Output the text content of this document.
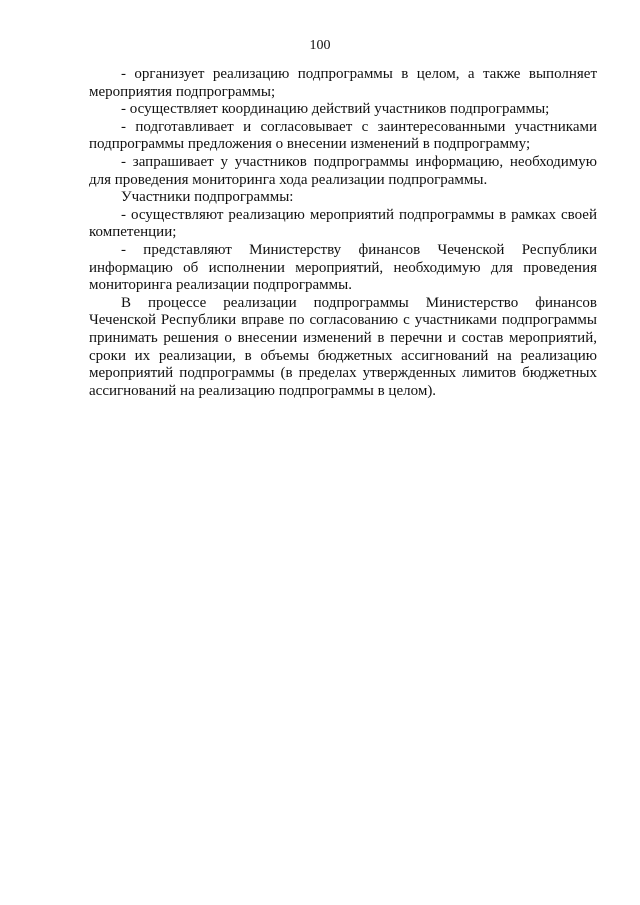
100

- организует реализацию подпрограммы в целом, а также выполняет мероприятия подпрограммы;

- осуществляет координацию действий участников подпрограммы;

- подготавливает и согласовывает с заинтересованными участниками подпрограммы предложения о внесении изменений в подпрограмму;

- запрашивает у участников подпрограммы информацию, необходимую для проведения мониторинга хода реализации подпрограммы.

Участники подпрограммы:

- осуществляют реализацию мероприятий подпрограммы в рамках своей компетенции;

- представляют Министерству финансов Чеченской Республики информацию об исполнении мероприятий, необходимую для проведения мониторинга реализации подпрограммы.

В процессе реализации подпрограммы Министерство финансов Чеченской Республики вправе по согласованию с участниками подпрограммы принимать решения о внесении изменений в перечни и состав мероприятий, сроки их реализации, в объемы бюджетных ассигнований на реализацию мероприятий подпрограммы (в пределах утвержденных лимитов бюджетных ассигнований на реализацию подпрограммы в целом).
